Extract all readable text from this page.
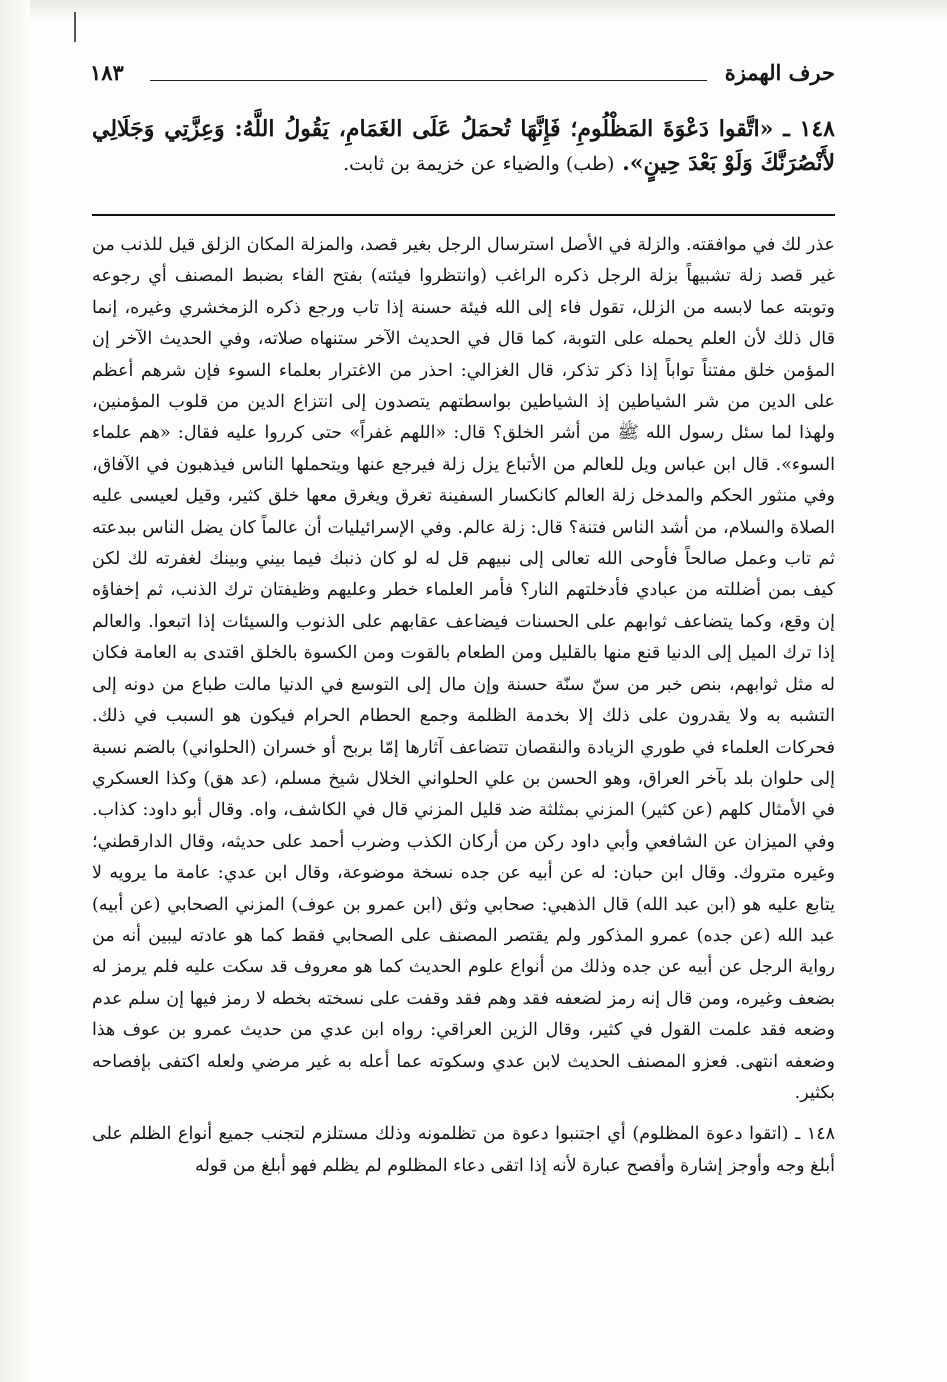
حرف الهمزة
١٨٣
١٤٨ ـ «اتَّقوا دَعْوَةَ المَظْلُومِ؛ فَإِنَّهَا تُحمَلُ عَلَى الغَمَامِ، يَقُولُ اللَّهُ: وَعِزَّتِي وَجَلَالِي لأَنْصُرَنَّكَ وَلَوْ بَعْدَ حِينٍ». (طب) والضياء عن خزيمة بن ثابت.

عذر لك في موافقته. والزلة في الأصل استرسال الرجل بغير قصد، والمزلة المكان الزلق قيل للذنب من غير قصد زلة تشبيهاً بزلة الرجل ذكره الراغب (وانتظروا فيئته) بفتح الفاء بضبط المصنف أي رجوعه وتوبته عما لابسه من الزلل، تقول فاء إلى الله فيئة حسنة إذا تاب ورجع ذكره الزمخشري وغيره، إنما قال ذلك لأن العلم يحمله على التوبة، كما قال في الحديث الآخر ستنهاه صلاته، وفي الحديث الآخر إن المؤمن خلق مفتناً تواباً إذا ذكر تذكر، قال الغزالي: احذر من الاغترار بعلماء السوء فإن شرهم أعظم على الدين من شر الشياطين إذ الشياطين بواسطتهم يتصدون إلى انتزاع الدين من قلوب المؤمنين، ولهذا لما سئل رسول الله ﷺ من أشر الخلق؟ قال: «اللهم غفراً» حتى كرروا عليه فقال: «هم علماء السوء». قال ابن عباس ويل للعالم من الأتباع يزل زلة فيرجع عنها ويتحملها الناس فيذهبون في الآفاق، وفي منثور الحكم والمدخل زلة العالم كانكسار السفينة تغرق ويغرق معها خلق كثير، وقيل لعيسى عليه الصلاة والسلام، من أشد الناس فتنة؟ قال: زلة عالم. وفي الإسرائيليات أن عالماً كان يضل الناس ببدعته ثم تاب وعمل صالحاً فأوحى الله تعالى إلى نبيهم قل له لو كان ذنبك فيما بيني وبينك لغفرته لك لكن كيف بمن أضللته من عبادي فأدخلتهم النار؟ فأمر العلماء خطر وعليهم وظيفتان ترك الذنب، ثم إخفاؤه إن وقع، وكما يتضاعف ثوابهم على الحسنات فيضاعف عقابهم على الذنوب والسيئات إذا اتبعوا. والعالم إذا ترك الميل إلى الدنيا قنع منها بالقليل ومن الطعام بالقوت ومن الكسوة بالخلق اقتدى به العامة فكان له مثل ثوابهم، بنص خبر من سنّ سنّة حسنة وإن مال إلى التوسع في الدنيا مالت طباع من دونه إلى التشبه به ولا يقدرون على ذلك إلا بخدمة الظلمة وجمع الحطام الحرام فيكون هو السبب في ذلك. فحركات العلماء في طوري الزيادة والنقصان تتضاعف آثارها إمّا بربح أو خسران (الحلواني) بالضم نسبة إلى حلوان بلد بآخر العراق، وهو الحسن بن علي الحلواني الخلال شيخ مسلم، (عد هق) وكذا العسكري في الأمثال كلهم (عن كثير) المزني بمثلثة ضد قليل المزني قال في الكاشف، واه. وقال أبو داود: كذاب. وفي الميزان عن الشافعي وأبي داود ركن من أركان الكذب وضرب أحمد على حديثه، وقال الدارقطني؛ وغيره متروك. وقال ابن حبان: له عن أبيه عن جده نسخة موضوعة، وقال ابن عدي: عامة ما يرويه لا يتابع عليه هو (ابن عبد الله) قال الذهبي: صحابي وثق (ابن عمرو بن عوف) المزني الصحابي (عن أبيه) عبد الله (عن جده) عمرو المذكور ولم يقتصر المصنف على الصحابي فقط كما هو عادته ليبين أنه من رواية الرجل عن أبيه عن جده وذلك من أنواع علوم الحديث كما هو معروف قد سكت عليه فلم يرمز له بضعف وغيره، ومن قال إنه رمز لضعفه فقد وهم فقد وقفت على نسخته بخطه لا رمز فيها إن سلم عدم وضعه فقد علمت القول في كثير، وقال الزين العراقي: رواه ابن عدي من حديث عمرو بن عوف هذا وضعفه انتهى. فعزو المصنف الحديث لابن عدي وسكوته عما أعله به غير مرضي ولعله اكتفى بإفصاحه بكثير.

١٤٨ ـ (اتقوا دعوة المظلوم) أي اجتنبوا دعوة من تظلمونه وذلك مستلزم لتجنب جميع أنواع الظلم على أبلغ وجه وأوجز إشارة وأفصح عبارة لأنه إذا اتقى دعاء المظلوم لم يظلم فهو أبلغ من قوله
